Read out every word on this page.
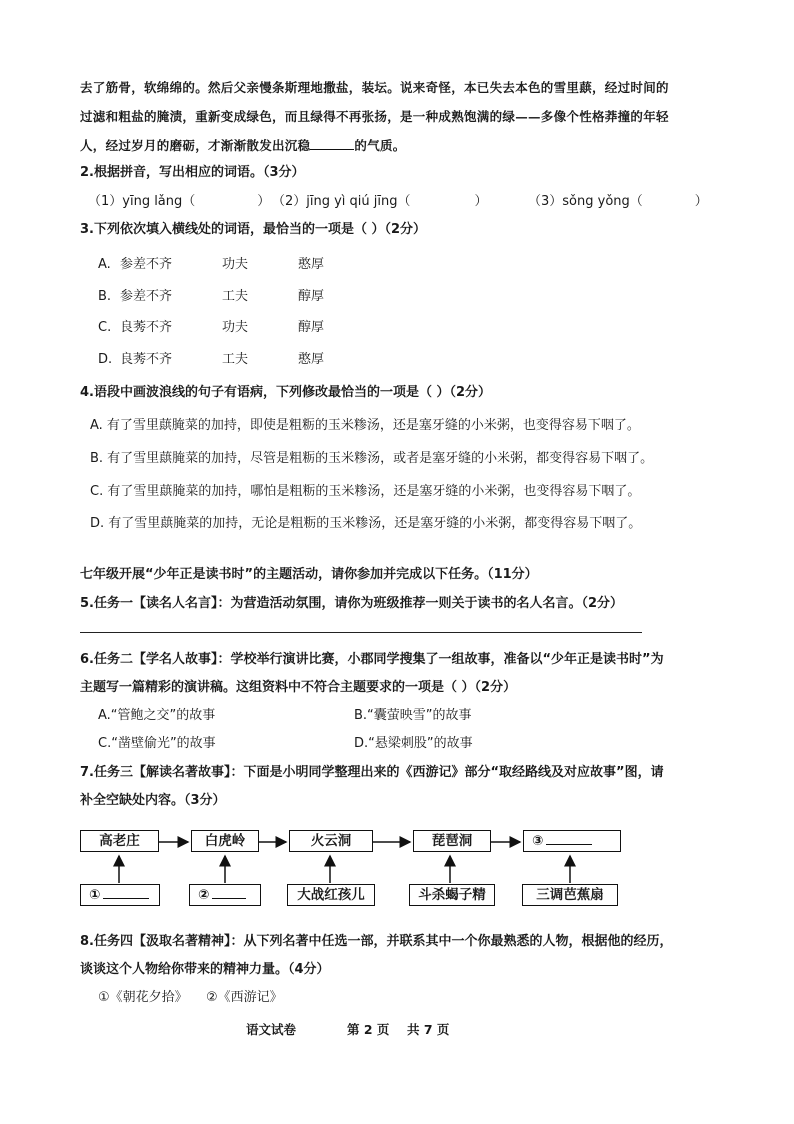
去了筋骨，软绵绵的。然后父亲慢条斯理地撒盐，装坛。说来奇怪，本已失去本色的雪里蕻，经过时间的
过滤和粗盐的腌渍，重新变成绿色，而且绿得不再张扬，是一种成熟饱满的绿——多像个性格莽撞的年轻
人，经过岁月的磨砺，才渐渐散发出沉稳	的气质。
2.根据拼音，写出相应的词语。（3分）
（1）yīng lǎng（	） （2）jīng yì qiú jīng（	）	（3）sǒng yǒng（	）
3.下列依次填入横线处的词语，最恰当的一项是（ ）（2分）
A. 参差不齐	功夫	憨厚
B. 参差不齐	工夫	醇厚
C. 良莠不齐	功夫	醇厚
D. 良莠不齐	工夫	憨厚
4.语段中画波浪线的句子有语病，下列修改最恰当的一项是（ ）（2分）
A. 有了雪里蕻腌菜的加持，即使是粗粝的玉米糁汤，还是塞牙缝的小米粥，也变得容易下咽了。
B. 有了雪里蕻腌菜的加持，尽管是粗粝的玉米糁汤，或者是塞牙缝的小米粥，都变得容易下咽了。
C. 有了雪里蕻腌菜的加持，哪怕是粗粝的玉米糁汤，还是塞牙缝的小米粥，也变得容易下咽了。
D. 有了雪里蕻腌菜的加持，无论是粗粝的玉米糁汤，还是塞牙缝的小米粥，都变得容易下咽了。
七年级开展“少年正是读书时”的主题活动，请你参加并完成以下任务。（11分）
5.任务一【读名人名言】：为营造活动氛围，请你为班级推荐一则关于读书的名人名言。（2分）
6.任务二【学名人故事】：学校举行演讲比赛，小郡同学搜集了一组故事，准备以“少年正是读书时”为
主题写一篇精彩的演讲稿。这组资料中不符合主题要求的一项是（ ）（2分）
A.“管鲍之交”的故事	B.“囊萤映雪”的故事
C.“凿壁偷光”的故事	D.“悬梁刺股”的故事
7.任务三【解读名著故事】：下面是小明同学整理出来的《西游记》部分“取经路线及对应故事”图，请
补全空缺处内容。（3分）
高老庄	白虎岭	火云洞	琵琶洞	③
①	②	大战红孩儿	斗杀蝎子精	三调芭蕉扇
8.任务四【汲取名著精神】：从下列名著中任选一部，并联系其中一个你最熟悉的人物，根据他的经历，
谈谈这个人物给你带来的精神力量。（4分）
①《朝花夕拾》 ②《西游记》
语文试卷	第 2 页 共 7 页
